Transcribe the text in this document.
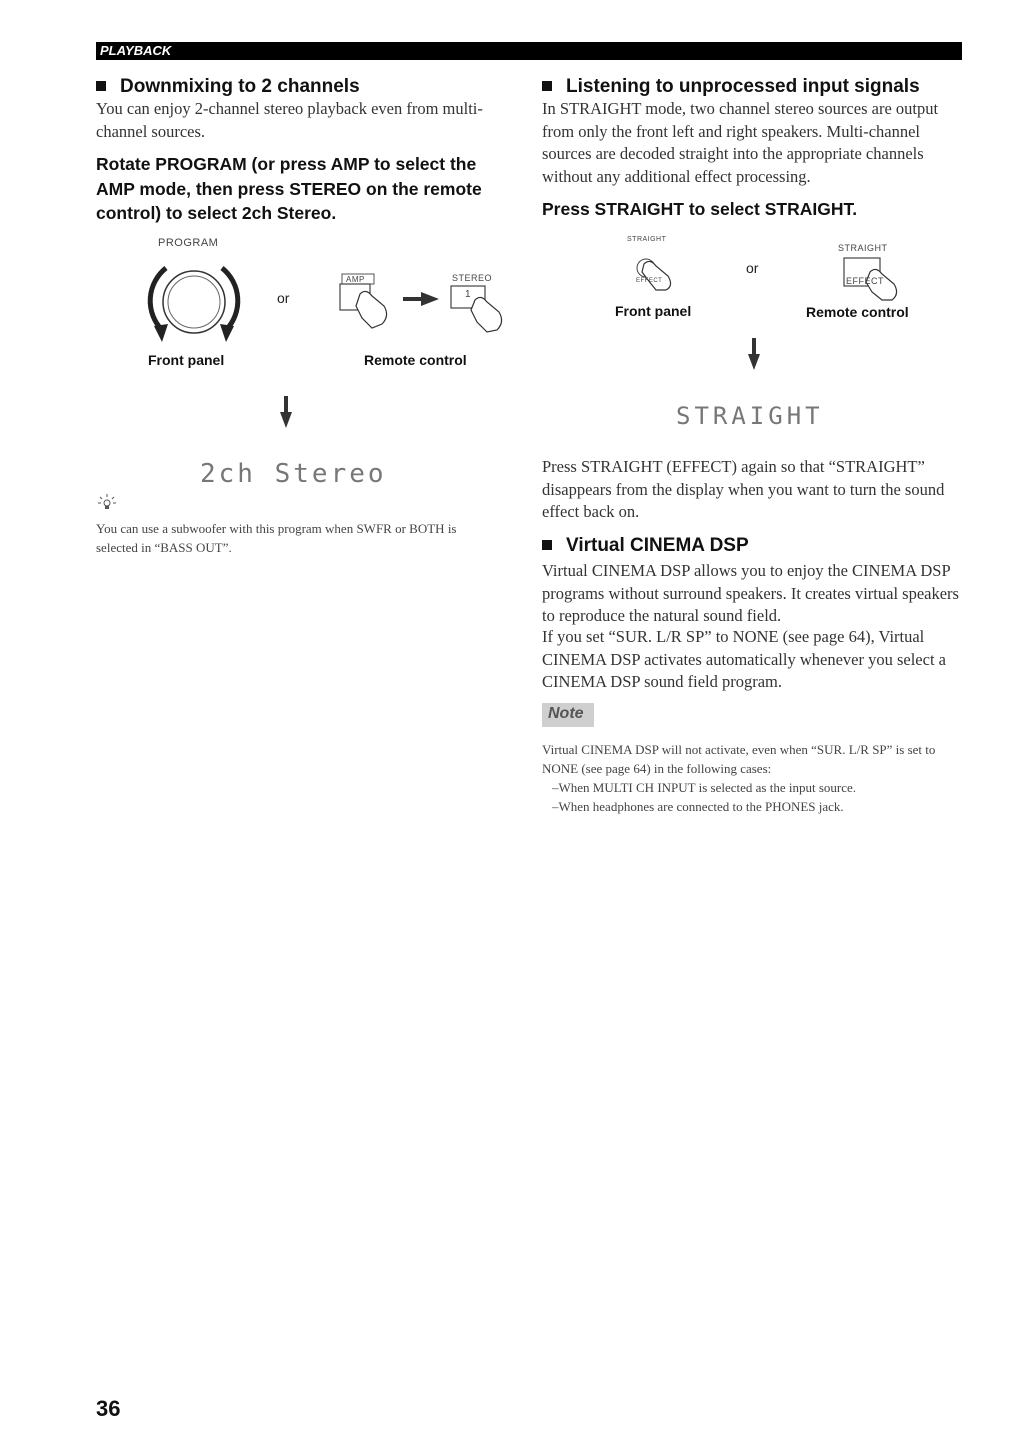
PLAYBACK
Downmixing to 2 channels

You can enjoy 2-channel stereo playback even from multi-channel sources.

Rotate PROGRAM (or press AMP to select the AMP mode, then press STEREO on the remote control) to select 2ch Stereo.

PROGRAM
or
AMP	STEREO
1
Front panel	Remote control
2ch Stereo

You can use a subwoofer with this program when SWFR or BOTH is selected in “BASS OUT”.

Listening to unprocessed input signals

In STRAIGHT mode, two channel stereo sources are output from only the front left and right speakers. Multi-channel sources are decoded straight into the appropriate channels without any additional effect processing.

Press STRAIGHT to select STRAIGHT.

STRAIGHT
EFFECT
or
STRAIGHT
EFFECT
Front panel	Remote control
STRAIGHT

Press STRAIGHT (EFFECT) again so that “STRAIGHT” disappears from the display when you want to turn the sound effect back on.

Virtual CINEMA DSP

Virtual CINEMA DSP allows you to enjoy the CINEMA DSP programs without surround speakers. It creates virtual speakers to reproduce the natural sound field.

If you set “SUR. L/R SP” to NONE (see page 64), Virtual CINEMA DSP activates automatically whenever you select a CINEMA DSP sound field program.

Note

Virtual CINEMA DSP will not activate, even when “SUR. L/R SP” is set to NONE (see page 64) in the following cases:

–When MULTI CH INPUT is selected as the input source.

–When headphones are connected to the PHONES jack.

36
